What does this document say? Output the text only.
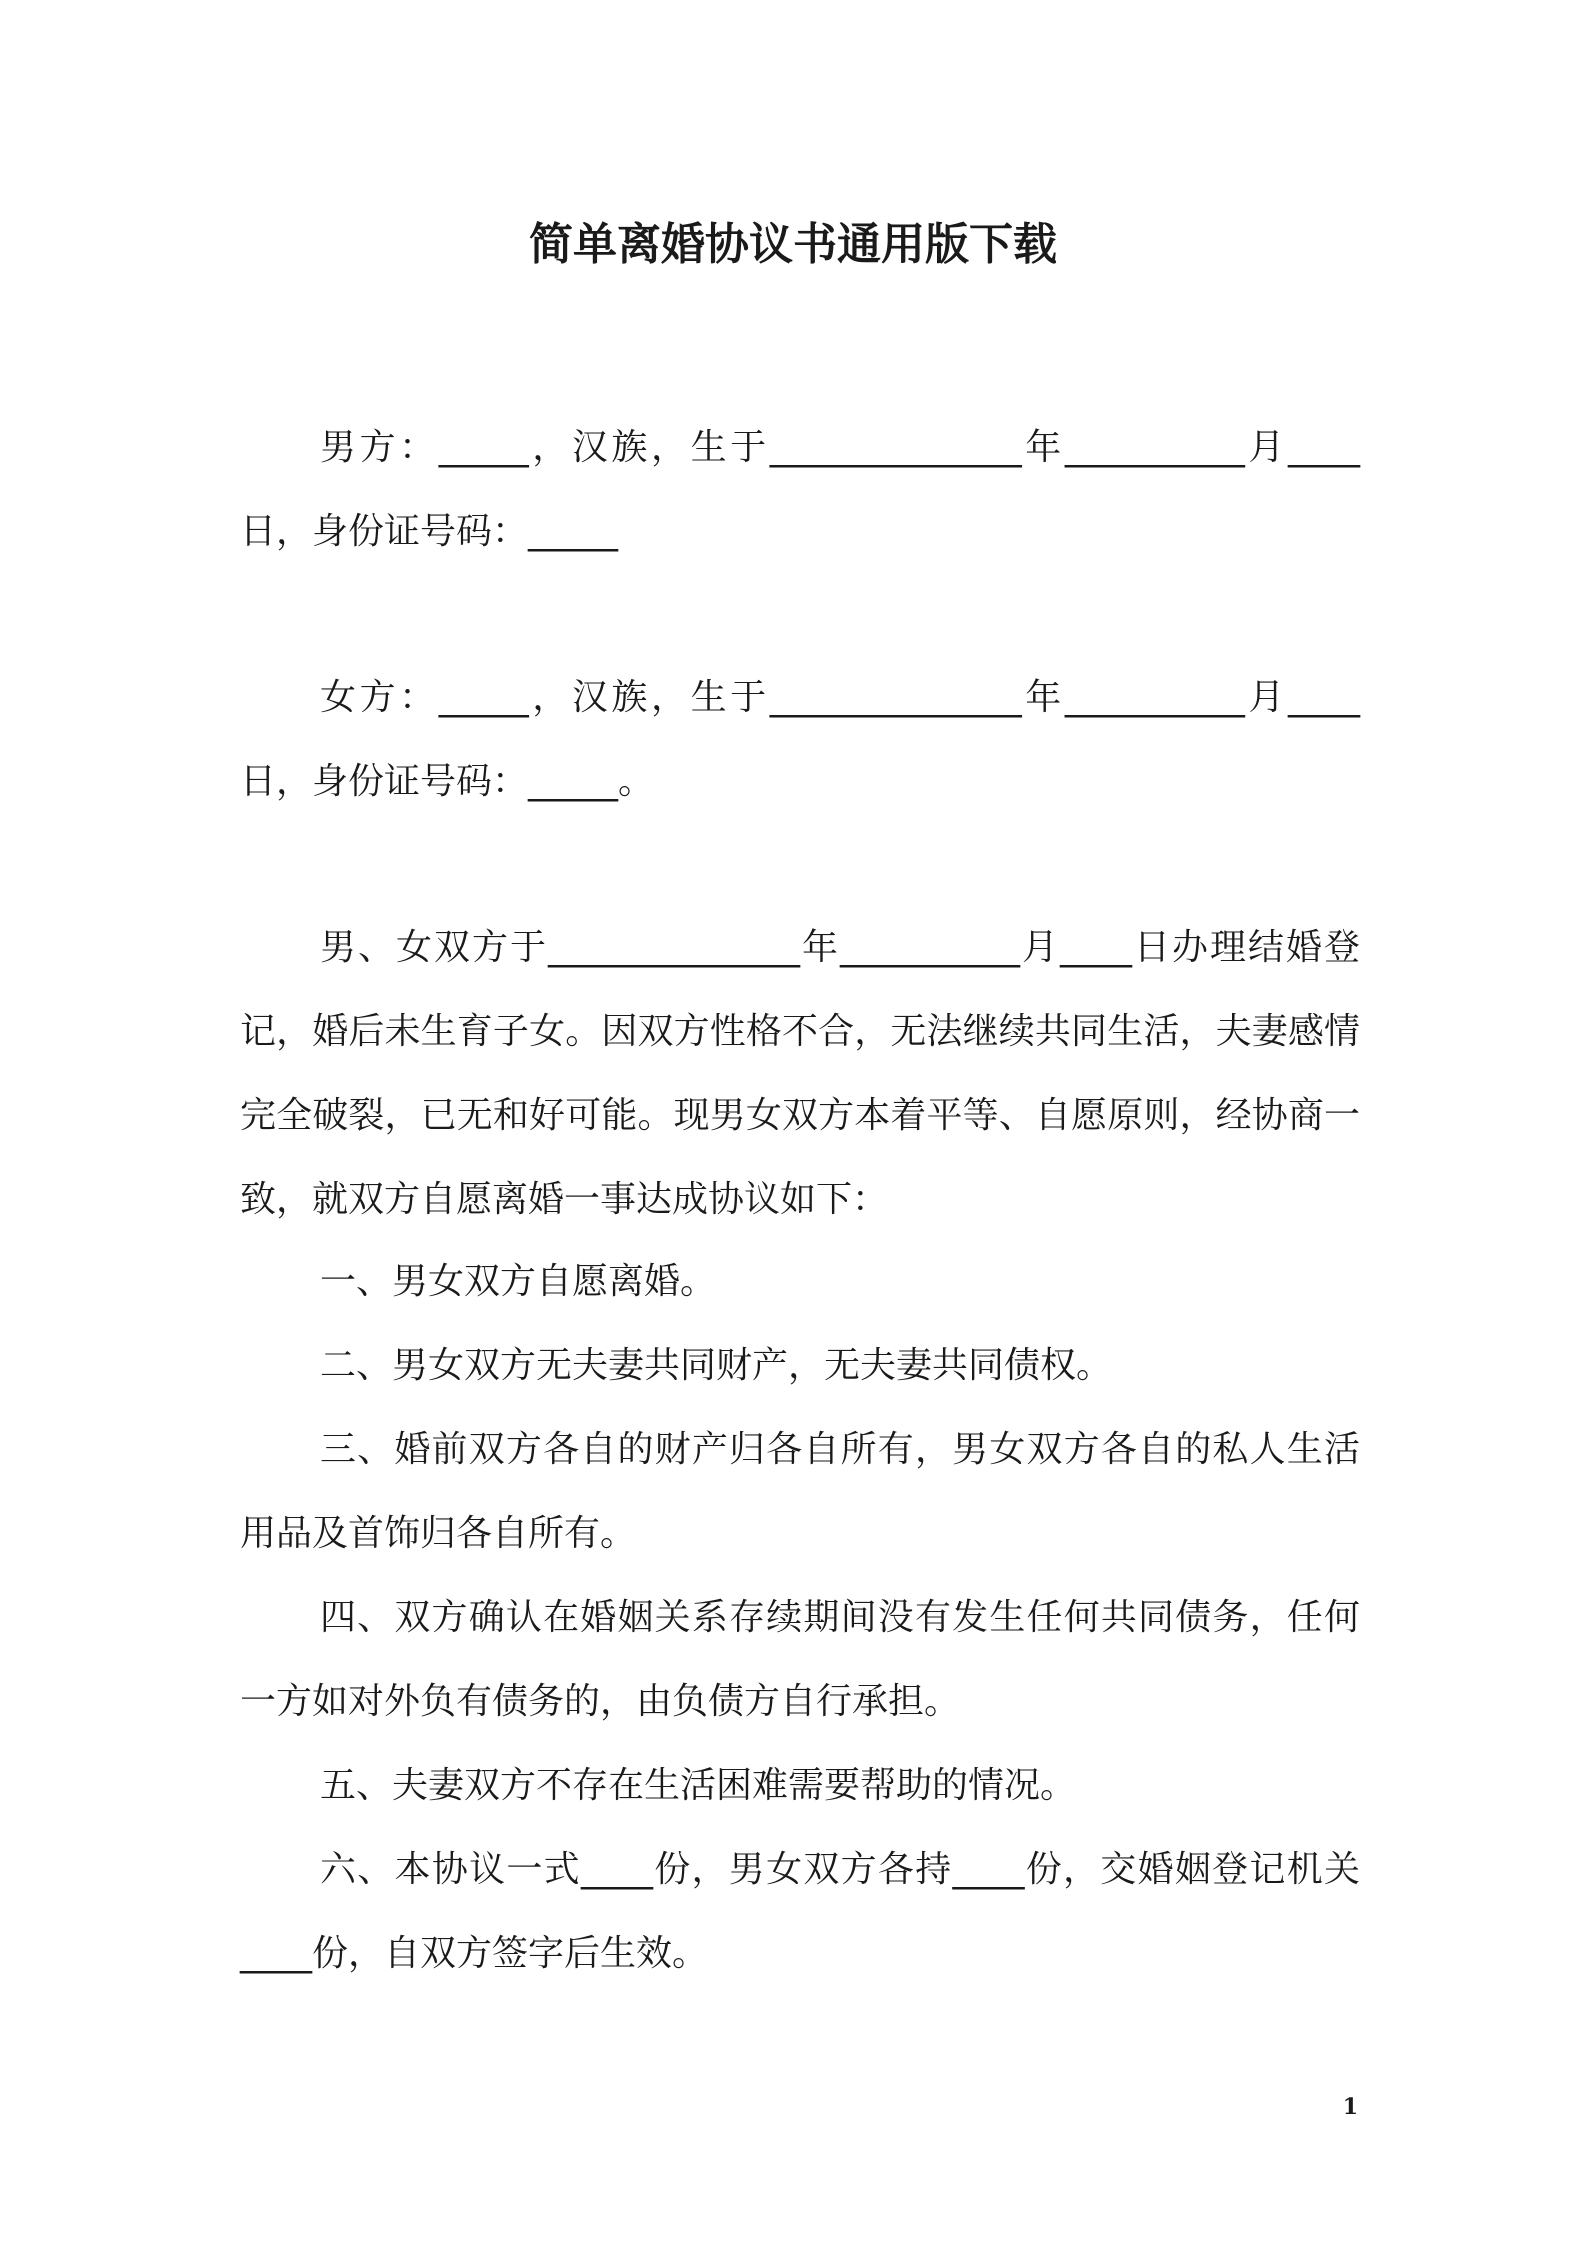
简单离婚协议书通用版下载

男方：_____，汉族，生于______________年__________月____日，身份证号码：_____

女方：_____，汉族，生于______________年__________月____日，身份证号码：_____。

男、女双方于______________年__________月____日办理结婚登记，婚后未生育子女。因双方性格不合，无法继续共同生活，夫妻感情完全破裂，已无和好可能。现男女双方本着平等、自愿原则，经协商一致，就双方自愿离婚一事达成协议如下：

一、男女双方自愿离婚。

二、男女双方无夫妻共同财产，无夫妻共同债权。

三、婚前双方各自的财产归各自所有，男女双方各自的私人生活用品及首饰归各自所有。

四、双方确认在婚姻关系存续期间没有发生任何共同债务，任何一方如对外负有债务的，由负债方自行承担。

五、夫妻双方不存在生活困难需要帮助的情况。

六、本协议一式____份，男女双方各持____份，交婚姻登记机关____份，自双方签字后生效。

1
